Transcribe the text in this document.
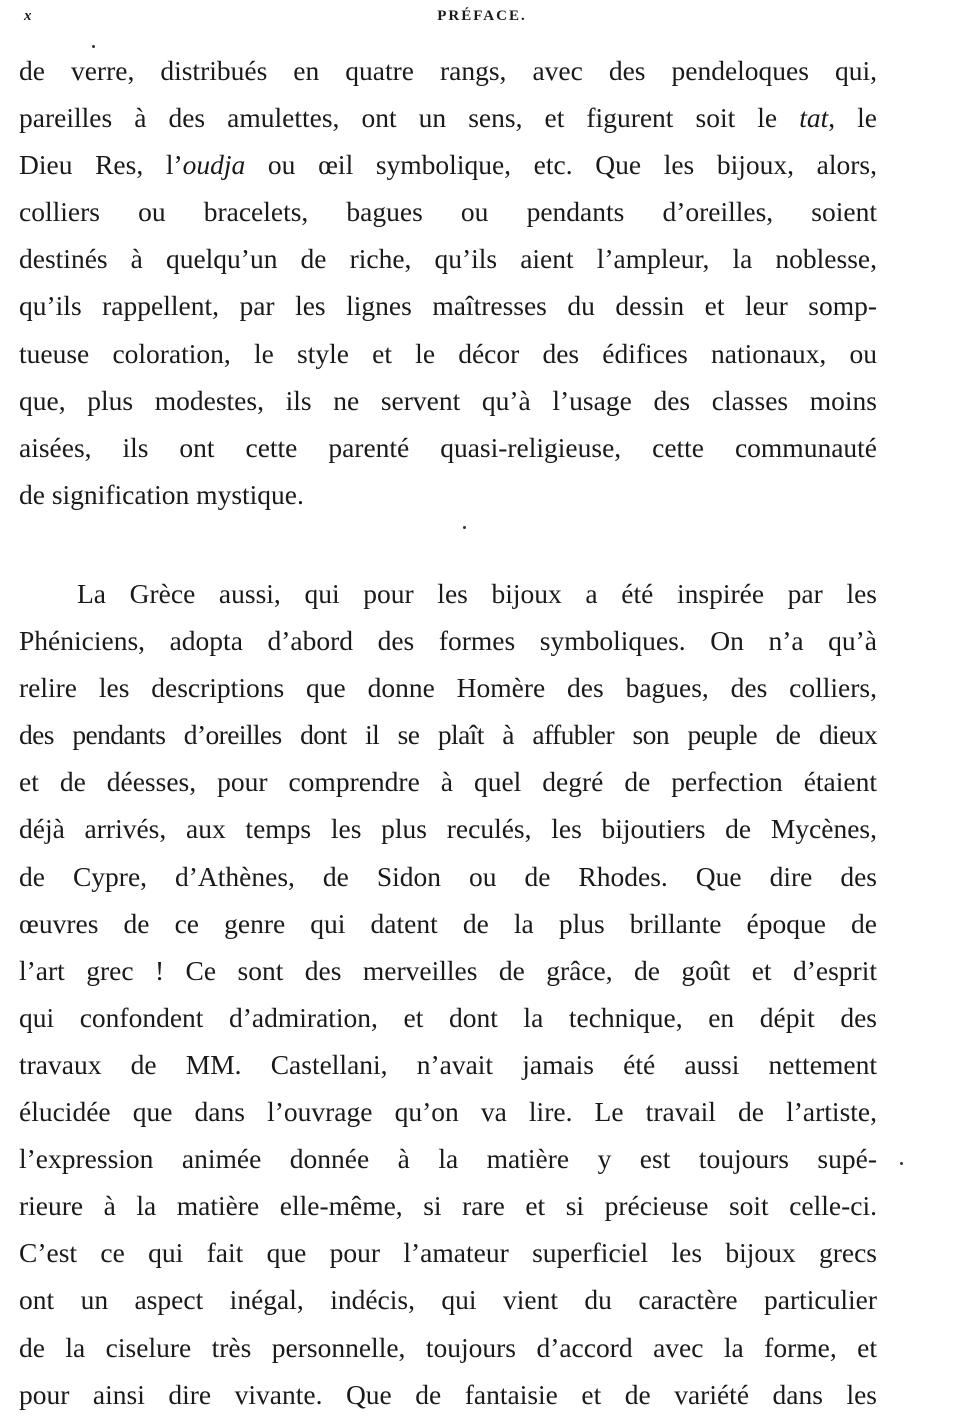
x	PRÉFACE.

de verre, distribués en quatre rangs, avec des pendeloques qui,
pareilles à des amulettes, ont un sens, et figurent soit le tat, le
Dieu Res, l’oudja ou œil symbolique, etc. Que les bijoux, alors,
colliers ou bracelets, bagues ou pendants d’oreilles, soient
destinés à quelqu’un de riche, qu’ils aient l’ampleur, la noblesse,
qu’ils rappellent, par les lignes maîtresses du dessin et leur somp-
tueuse coloration, le style et le décor des édifices nationaux, ou
que, plus modestes, ils ne servent qu’à l’usage des classes moins
aisées, ils ont cette parenté quasi-religieuse, cette communauté
de signification mystique.

La Grèce aussi, qui pour les bijoux a été inspirée par les
Phéniciens, adopta d’abord des formes symboliques. On n’a qu’à
relire les descriptions que donne Homère des bagues, des colliers,
des pendants d’oreilles dont il se plaît à affubler son peuple de dieux
et de déesses, pour comprendre à quel degré de perfection étaient
déjà arrivés, aux temps les plus reculés, les bijoutiers de Mycènes,
de Cypre, d’Athènes, de Sidon ou de Rhodes. Que dire des
œuvres de ce genre qui datent de la plus brillante époque de
l’art grec ! Ce sont des merveilles de grâce, de goût et d’esprit
qui confondent d’admiration, et dont la technique, en dépit des
travaux de MM. Castellani, n’avait jamais été aussi nettement
élucidée que dans l’ouvrage qu’on va lire. Le travail de l’artiste,
l’expression animée donnée à la matière y est toujours supé-
rieure à la matière elle-même, si rare et si précieuse soit celle-ci.
C’est ce qui fait que pour l’amateur superficiel les bijoux grecs
ont un aspect inégal, indécis, qui vient du caractère particulier
de la ciselure très personnelle, toujours d’accord avec la forme, et
pour ainsi dire vivante. Que de fantaisie et de variété dans les
